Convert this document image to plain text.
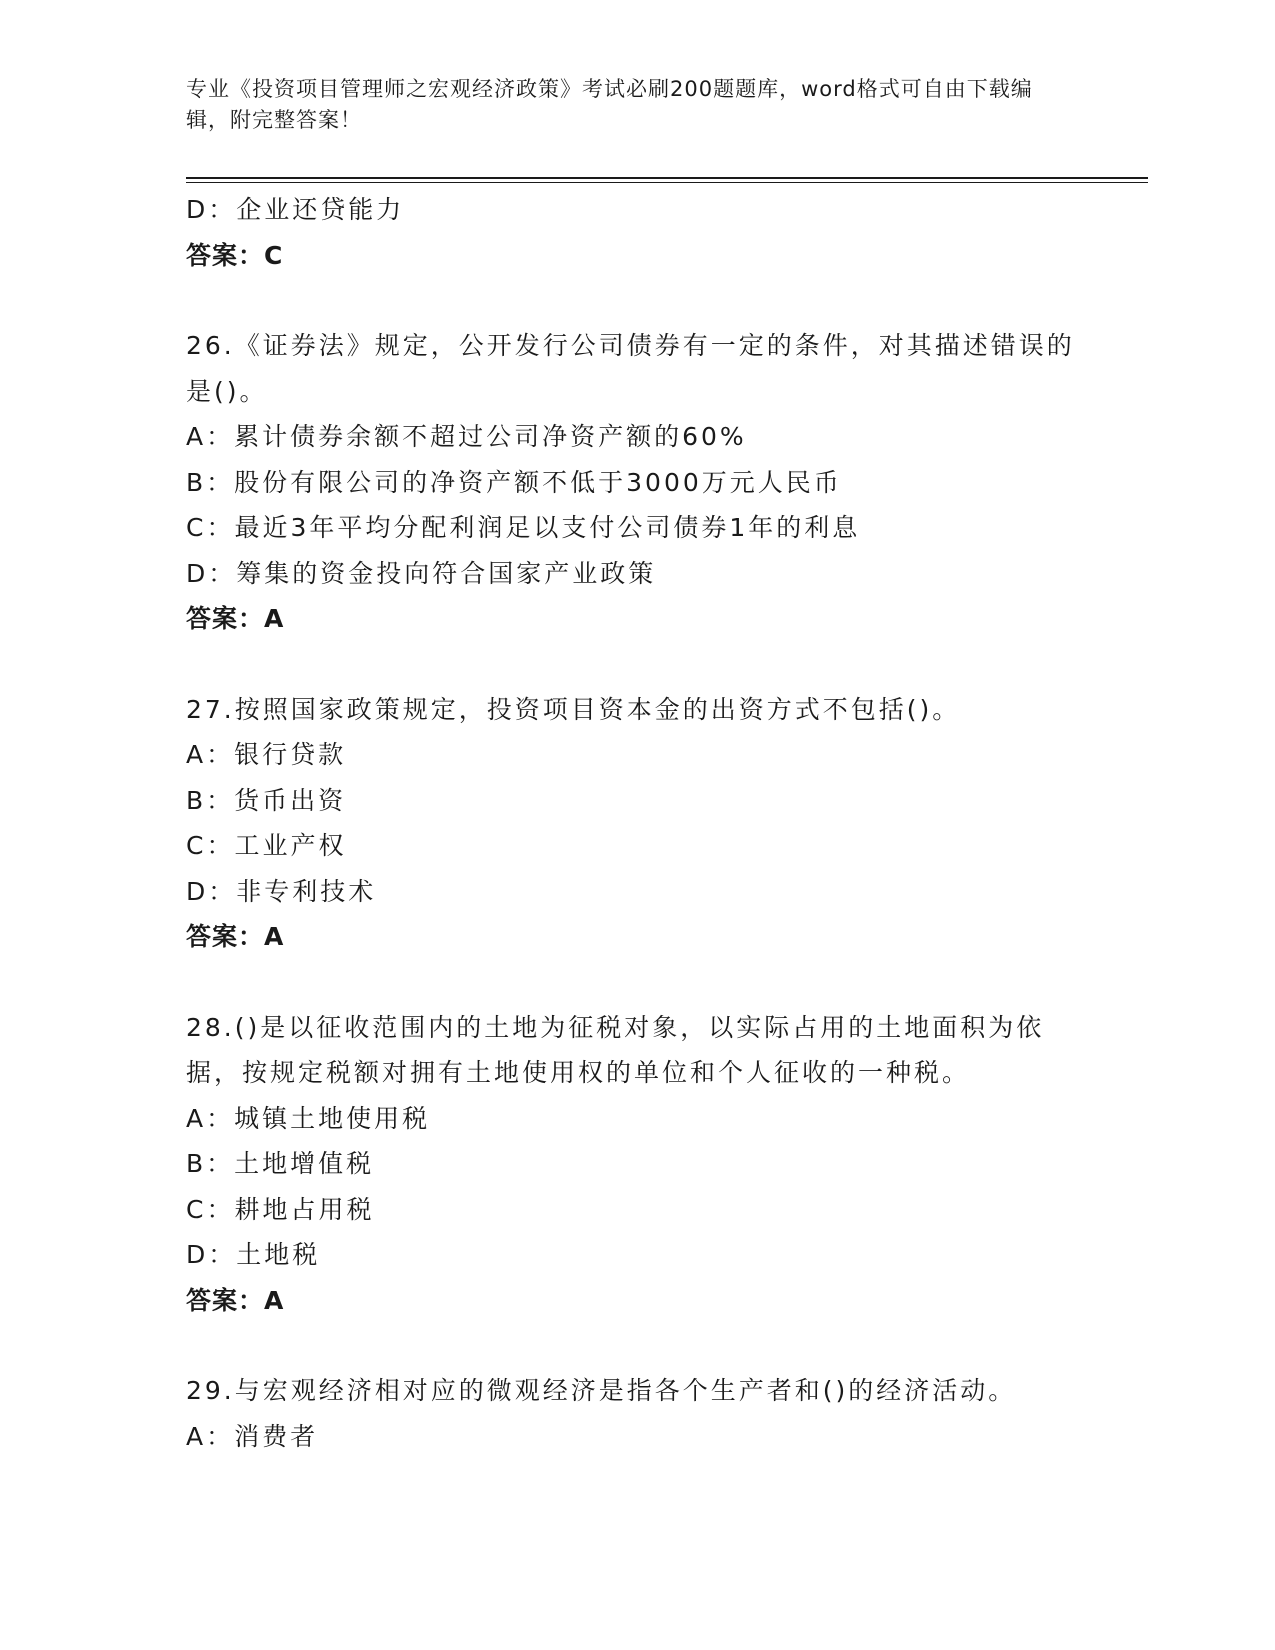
专业《投资项目管理师之宏观经济政策》考试必刷200题题库，word格式可自由下载编辑，附完整答案！
D：企业还贷能力
答案：C
26.《证券法》规定，公开发行公司债券有一定的条件，对其描述错误的是()。
A：累计债券余额不超过公司净资产额的60%
B：股份有限公司的净资产额不低于3000万元人民币
C：最近3年平均分配利润足以支付公司债券1年的利息
D：筹集的资金投向符合国家产业政策
答案：A
27.按照国家政策规定，投资项目资本金的出资方式不包括()。
A：银行贷款
B：货币出资
C：工业产权
D：非专利技术
答案：A
28.()是以征收范围内的土地为征税对象，以实际占用的土地面积为依据，按规定税额对拥有土地使用权的单位和个人征收的一种税。
A：城镇土地使用税
B：土地增值税
C：耕地占用税
D：土地税
答案：A
29.与宏观经济相对应的微观经济是指各个生产者和()的经济活动。
A：消费者
